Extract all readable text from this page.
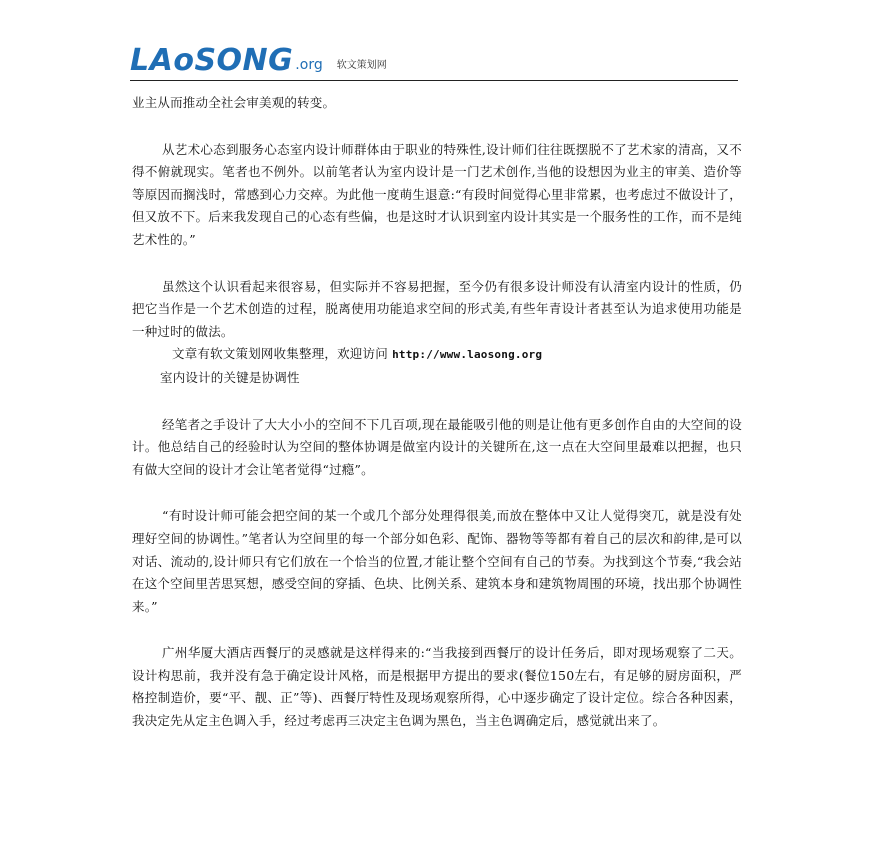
LAoSONG .org 软文策划网

业主从而推动全社会审美观的转变。

从艺术心态到服务心态室内设计师群体由于职业的特殊性,设计师们往往既摆脱不了艺术家的清高，又不得不俯就现实。笔者也不例外。以前笔者认为室内设计是一门艺术创作,当他的设想因为业主的审美、造价等等原因而搁浅时，常感到心力交瘁。为此他一度萌生退意:“有段时间觉得心里非常累，也考虑过不做设计了，但又放不下。后来我发现自己的心态有些偏，也是这时才认识到室内设计其实是一个服务性的工作，而不是纯艺术性的。”

虽然这个认识看起来很容易，但实际并不容易把握，至今仍有很多设计师没有认清室内设计的性质，仍把它当作是一个艺术创造的过程，脱离使用功能追求空间的形式美,有些年青设计者甚至认为追求使用功能是一种过时的做法。

文章有软文策划网收集整理，欢迎访问 http://www.laosong.org

室内设计的关键是协调性

经笔者之手设计了大大小小的空间不下几百项,现在最能吸引他的则是让他有更多创作自由的大空间的设计。他总结自己的经验时认为空间的整体协调是做室内设计的关键所在,这一点在大空间里最难以把握，也只有做大空间的设计才会让笔者觉得“过瘾”。

“有时设计师可能会把空间的某一个或几个部分处理得很美,而放在整体中又让人觉得突兀，就是没有处理好空间的协调性。”笔者认为空间里的每一个部分如色彩、配饰、器物等等都有着自己的层次和韵律,是可以对话、流动的,设计师只有它们放在一个恰当的位置,才能让整个空间有自己的节奏。为找到这个节奏,“我会站在这个空间里苦思冥想，感受空间的穿插、色块、比例关系、建筑本身和建筑物周围的环境，找出那个协调性来。”

广州华厦大酒店西餐厅的灵感就是这样得来的:“当我接到西餐厅的设计任务后，即对现场观察了二天。设计构思前，我并没有急于确定设计风格，而是根据甲方提出的要求(餐位150左右，有足够的厨房面积，严格控制造价，要“平、靓、正”等)、西餐厅特性及现场观察所得，心中逐步确定了设计定位。综合各种因素，我决定先从定主色调入手，经过考虑再三决定主色调为黑色，当主色调确定后，感觉就出来了。
